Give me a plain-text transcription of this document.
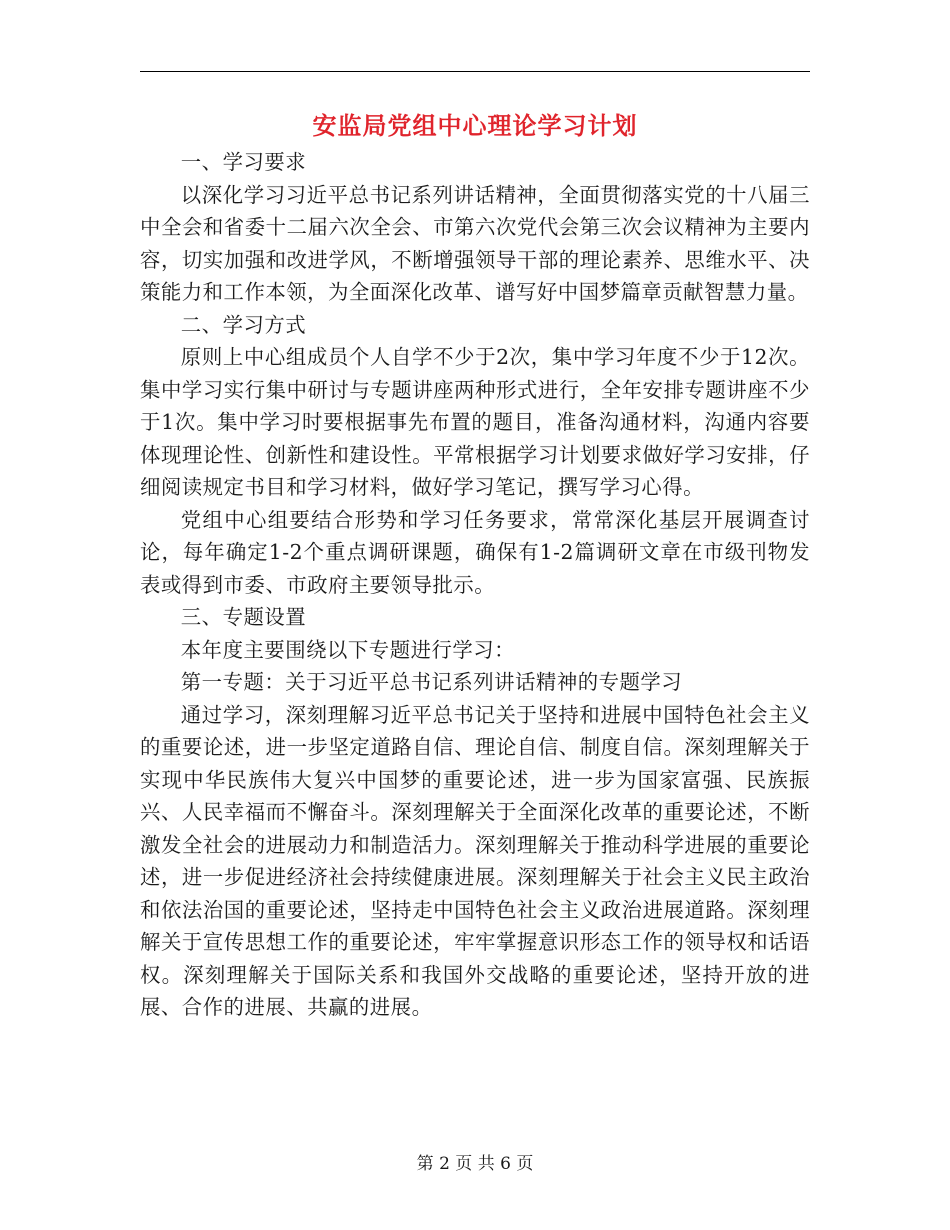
安监局党组中心理论学习计划

一、学习要求

以深化学习习近平总书记系列讲话精神，全面贯彻落实党的十八届三中全会和省委十二届六次全会、市第六次党代会第三次会议精神为主要内容，切实加强和改进学风，不断增强领导干部的理论素养、思维水平、决策能力和工作本领，为全面深化改革、谱写好中国梦篇章贡献智慧力量。

二、学习方式

原则上中心组成员个人自学不少于2次，集中学习年度不少于12次。集中学习实行集中研讨与专题讲座两种形式进行，全年安排专题讲座不少于1次。集中学习时要根据事先布置的题目，准备沟通材料，沟通内容要体现理论性、创新性和建设性。平常根据学习计划要求做好学习安排，仔细阅读规定书目和学习材料，做好学习笔记，撰写学习心得。

党组中心组要结合形势和学习任务要求，常常深化基层开展调查讨论，每年确定1-2个重点调研课题，确保有1-2篇调研文章在市级刊物发表或得到市委、市政府主要领导批示。

三、专题设置

本年度主要围绕以下专题进行学习：

第一专题：关于习近平总书记系列讲话精神的专题学习

通过学习，深刻理解习近平总书记关于坚持和进展中国特色社会主义的重要论述，进一步坚定道路自信、理论自信、制度自信。深刻理解关于实现中华民族伟大复兴中国梦的重要论述，进一步为国家富强、民族振兴、人民幸福而不懈奋斗。深刻理解关于全面深化改革的重要论述，不断激发全社会的进展动力和制造活力。深刻理解关于推动科学进展的重要论述，进一步促进经济社会持续健康进展。深刻理解关于社会主义民主政治和依法治国的重要论述，坚持走中国特色社会主义政治进展道路。深刻理解关于宣传思想工作的重要论述，牢牢掌握意识形态工作的领导权和话语权。深刻理解关于国际关系和我国外交战略的重要论述，坚持开放的进展、合作的进展、共赢的进展。

第 2 页 共 6 页
